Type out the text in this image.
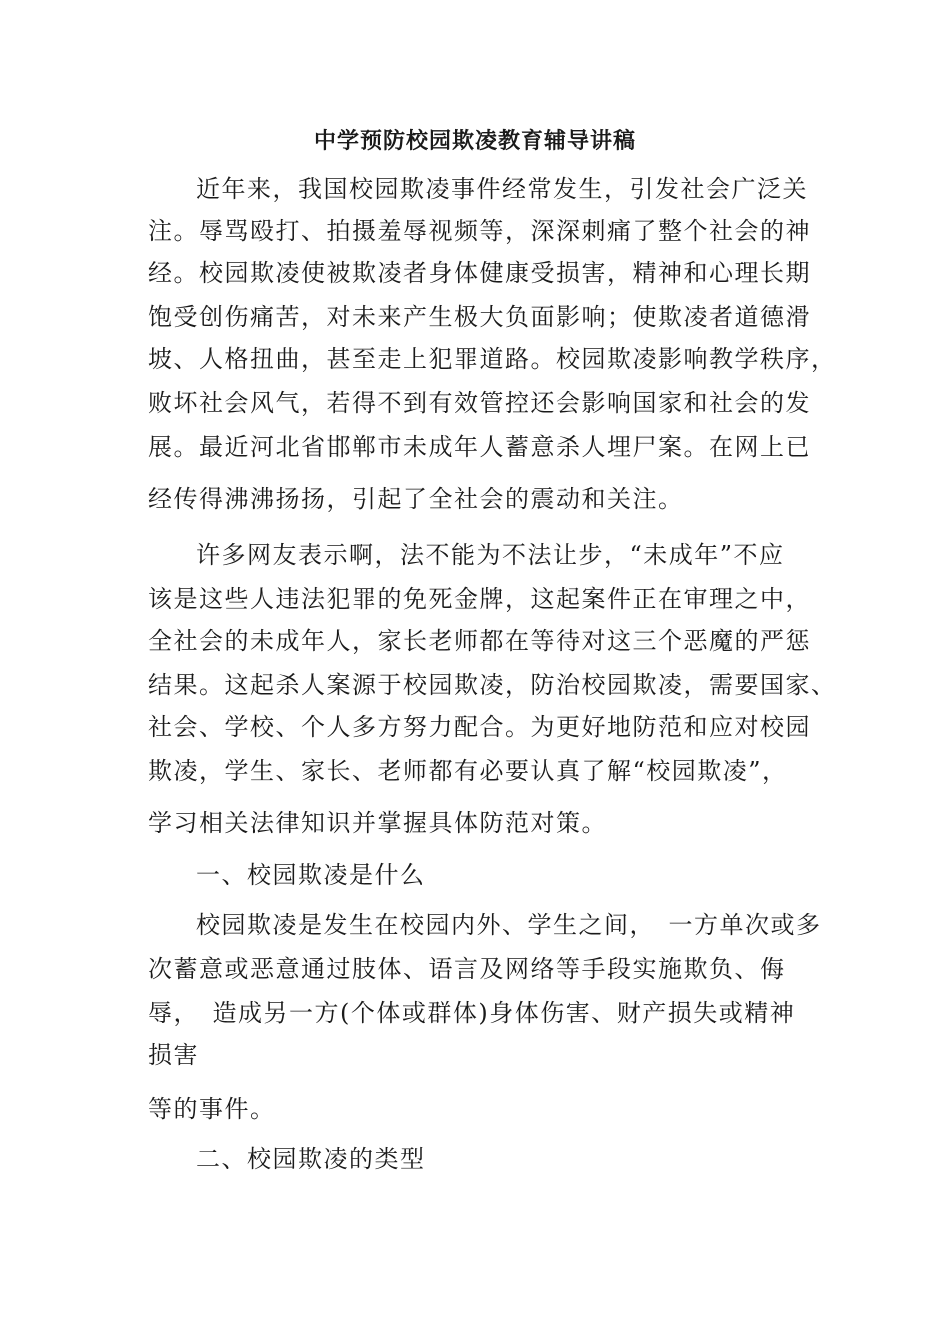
中学预防校园欺凌教育辅导讲稿
近年来，我国校园欺凌事件经常发生，引发社会广泛关
注。辱骂殴打、拍摄羞辱视频等，深深刺痛了整个社会的神
经。校园欺凌使被欺凌者身体健康受损害，精神和心理长期
饱受创伤痛苦，对未来产生极大负面影响；使欺凌者道德滑
坡、人格扭曲，甚至走上犯罪道路。校园欺凌影响教学秩序，
败坏社会风气，若得不到有效管控还会影响国家和社会的发
展。最近河北省邯郸市未成年人蓄意杀人埋尸案。在网上已
经传得沸沸扬扬，引起了全社会的震动和关注。
许多网友表示啊，法不能为不法让步，“未成年”不应
该是这些人违法犯罪的免死金牌，这起案件正在审理之中，
全社会的未成年人，家长老师都在等待对这三个恶魔的严惩
结果。这起杀人案源于校园欺凌，防治校园欺凌，需要国家、
社会、学校、个人多方努力配合。为更好地防范和应对校园
欺凌，学生、家长、老师都有必要认真了解“校园欺凌”，
学习相关法律知识并掌握具体防范对策。
一、校园欺凌是什么
校园欺凌是发生在校园内外、学生之间，　一方单次或多
次蓄意或恶意通过肢体、语言及网络等手段实施欺负、侮
辱，　造成另一方(个体或群体)身体伤害、财产损失或精神
损害
等的事件。
二、校园欺凌的类型
